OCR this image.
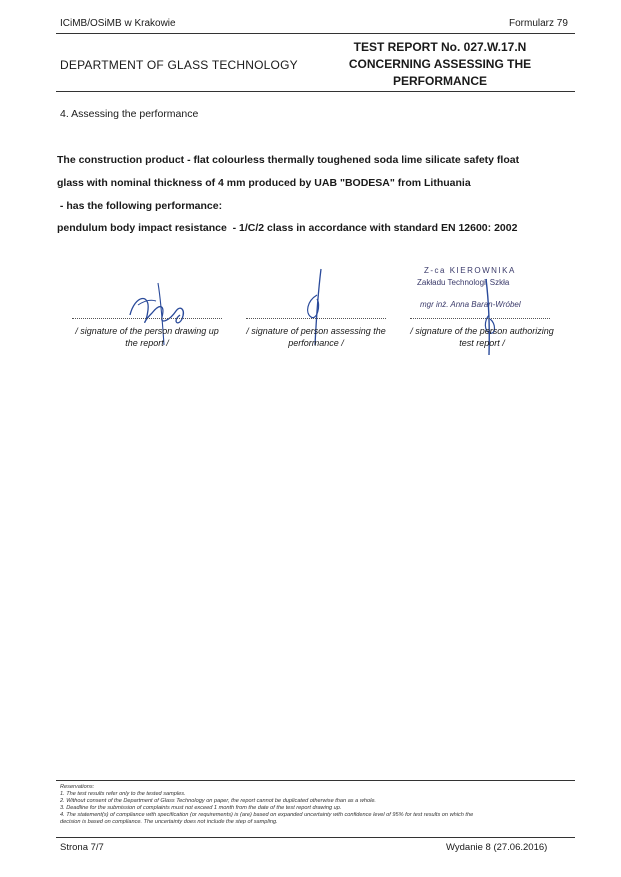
ICiMB/OSiMB w Krakowie	Formularz 79
DEPARTMENT OF GLASS TECHNOLOGY
TEST REPORT No. 027.W.17.N
CONCERNING ASSESSING THE
PERFORMANCE
4. Assessing the performance
The construction product - flat colourless thermally toughened soda lime silicate safety float
glass with nominal thickness of 4 mm produced by UAB "BODESA" from Lithuania
- has the following performance:
pendulum body impact resistance  - 1/C/2 class in accordance with standard EN 12600: 2002
Z-ca KIEROWNIKA
Zakładu Technologii Szkła
mgr inż. Anna Baran-Wróbel
/ signature of the person drawing up
the report /
/ signature of person assessing the
performance /
/ signature of the person authorizing
test report /
Reservations:
1. The test results refer only to the tested samples.
2. Without consent of the Department of Glass Technology on paper, the report cannot be duplicated otherwise than as a whole.
3. Deadline for the submission of complaints must not exceed 1 month from the date of the test report drawing up.
4. The statement(s) of compliance with specification (or requirements) is (are) based on expanded uncertainty with confidence level of 95% for test results on which the
decision is based on compliance. The uncertainty does not include the step of sampling.
Strona 7/7	Wydanie 8 (27.06.2016)
